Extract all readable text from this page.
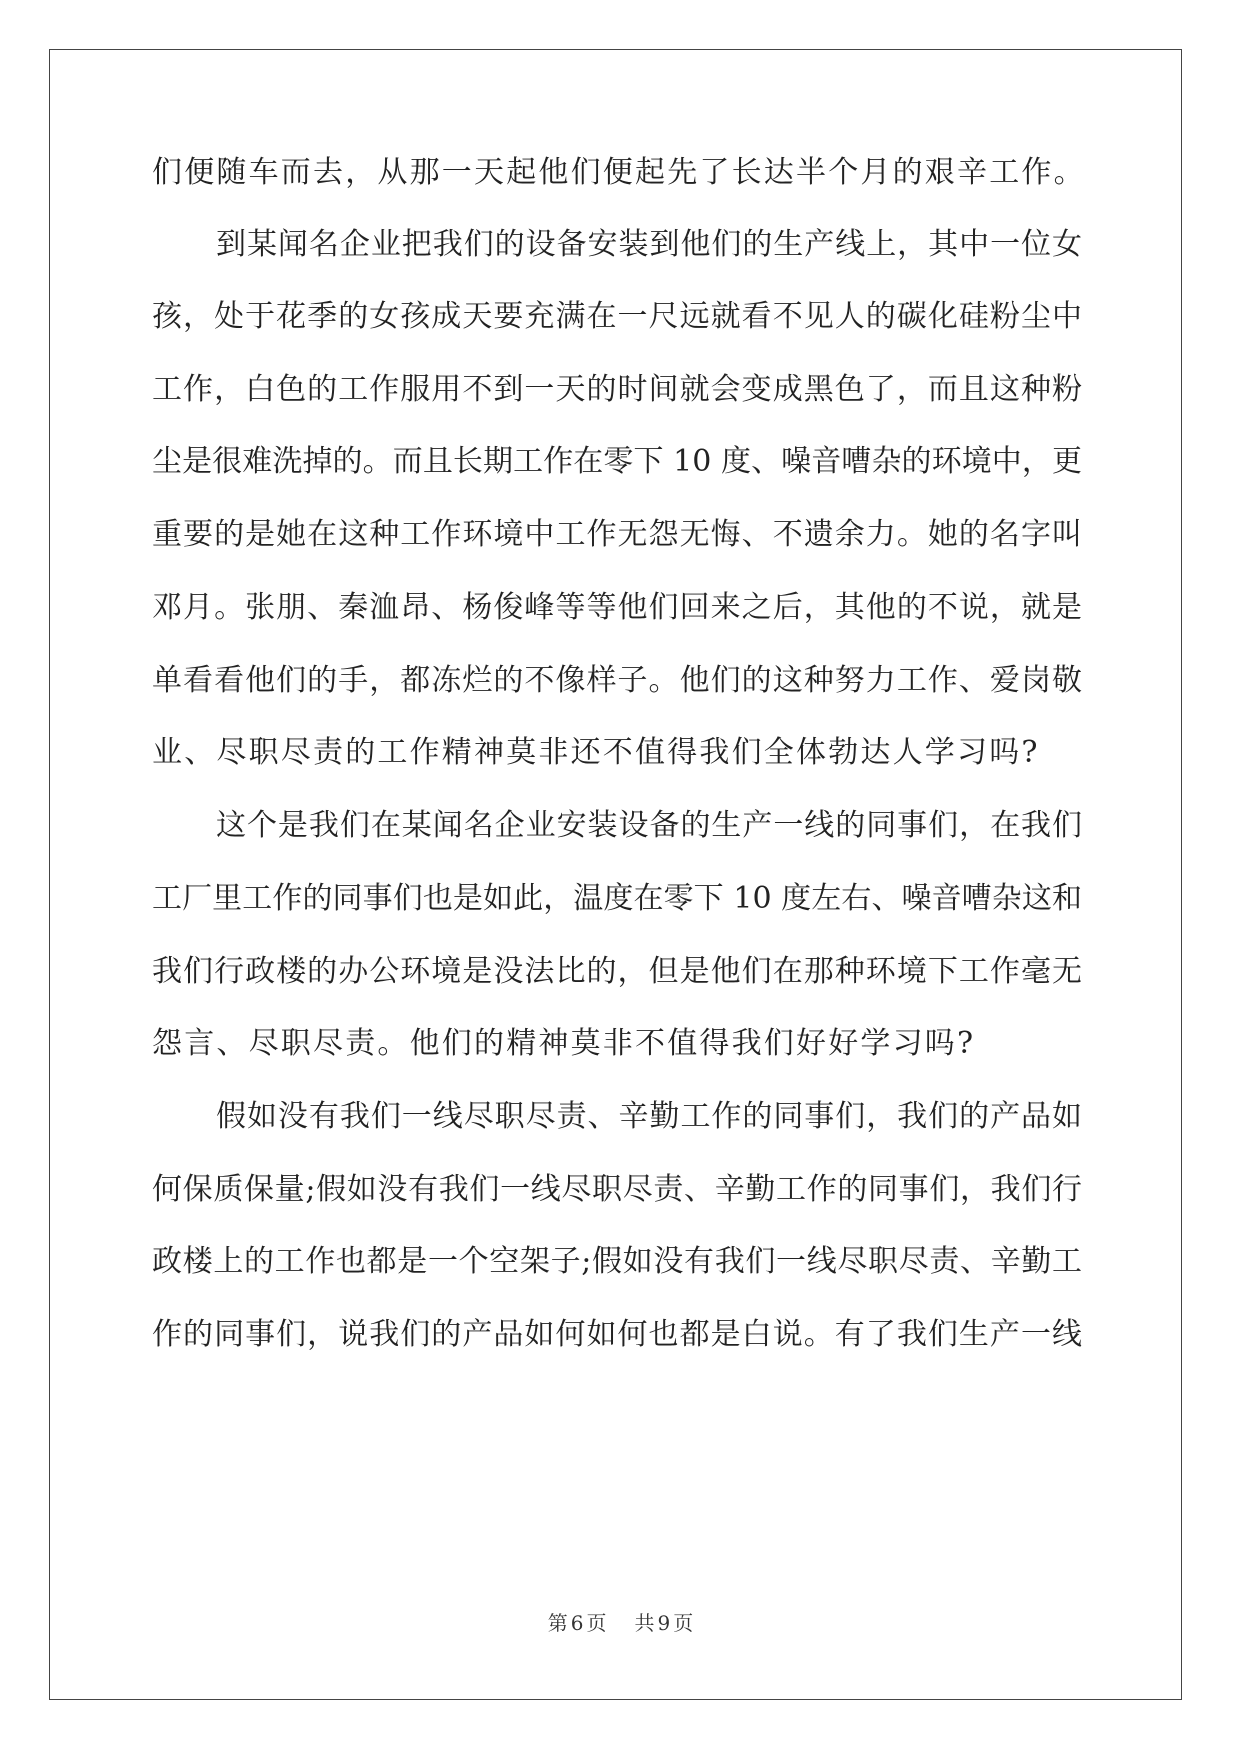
们便随车而去，从那一天起他们便起先了长达半个月的艰辛工作。
到某闻名企业把我们的设备安装到他们的生产线上，其中一位女
孩，处于花季的女孩成天要充满在一尺远就看不见人的碳化硅粉尘中
工作，白色的工作服用不到一天的时间就会变成黑色了，而且这种粉
尘是很难洗掉的。而且长期工作在零下 10 度、噪音嘈杂的环境中，更
重要的是她在这种工作环境中工作无怨无悔、不遗余力。她的名字叫
邓月。张朋、秦洫昂、杨俊峰等等他们回来之后，其他的不说，就是
单看看他们的手，都冻烂的不像样子。他们的这种努力工作、爱岗敬
业、尽职尽责的工作精神莫非还不值得我们全体勃达人学习吗?
这个是我们在某闻名企业安装设备的生产一线的同事们，在我们
工厂里工作的同事们也是如此，温度在零下 10 度左右、噪音嘈杂这和
我们行政楼的办公环境是没法比的，但是他们在那种环境下工作毫无
怨言、尽职尽责。他们的精神莫非不值得我们好好学习吗?
假如没有我们一线尽职尽责、辛勤工作的同事们，我们的产品如
何保质保量;假如没有我们一线尽职尽责、辛勤工作的同事们，我们行
政楼上的工作也都是一个空架子;假如没有我们一线尽职尽责、辛勤工
作的同事们，说我们的产品如何如何也都是白说。有了我们生产一线
第 6 页 共 9 页
